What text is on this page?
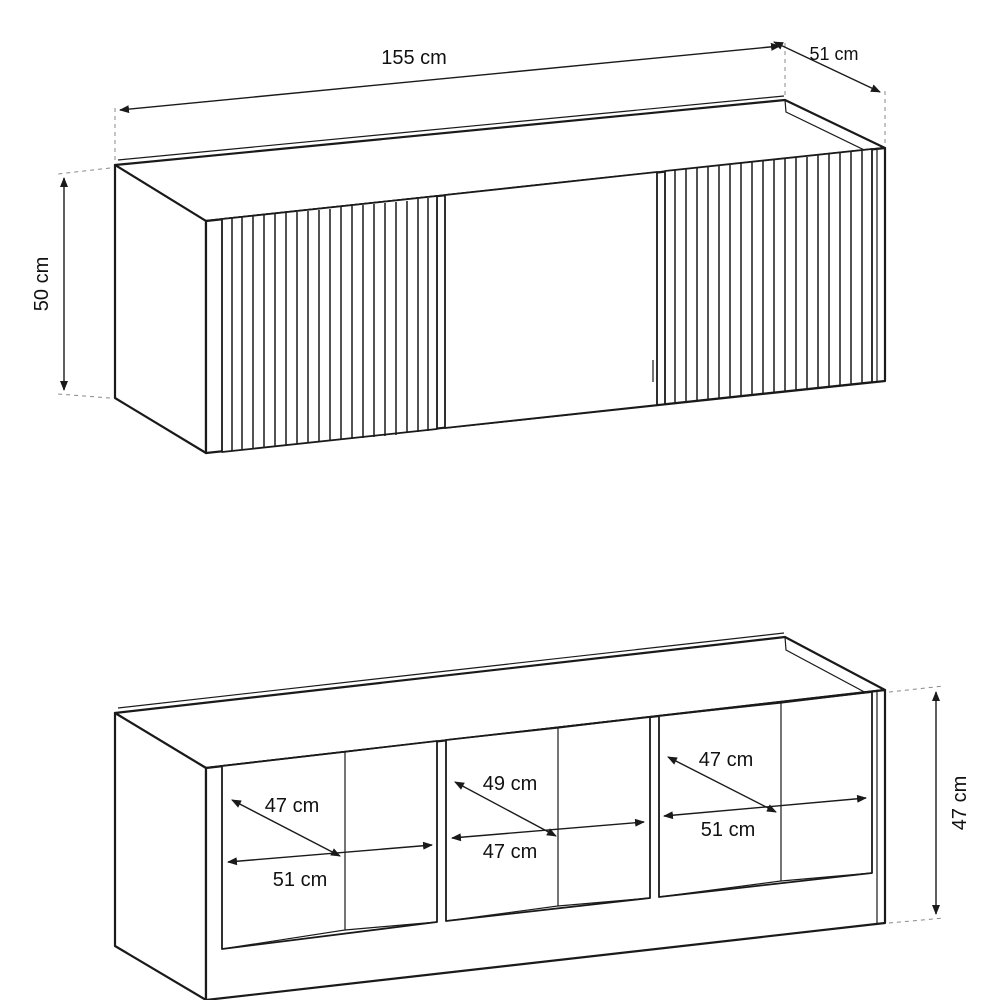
155 cm	51 cm
50 cm
47 cm
51 cm
49 cm
47 cm
47 cm
51 cm	47 cm
